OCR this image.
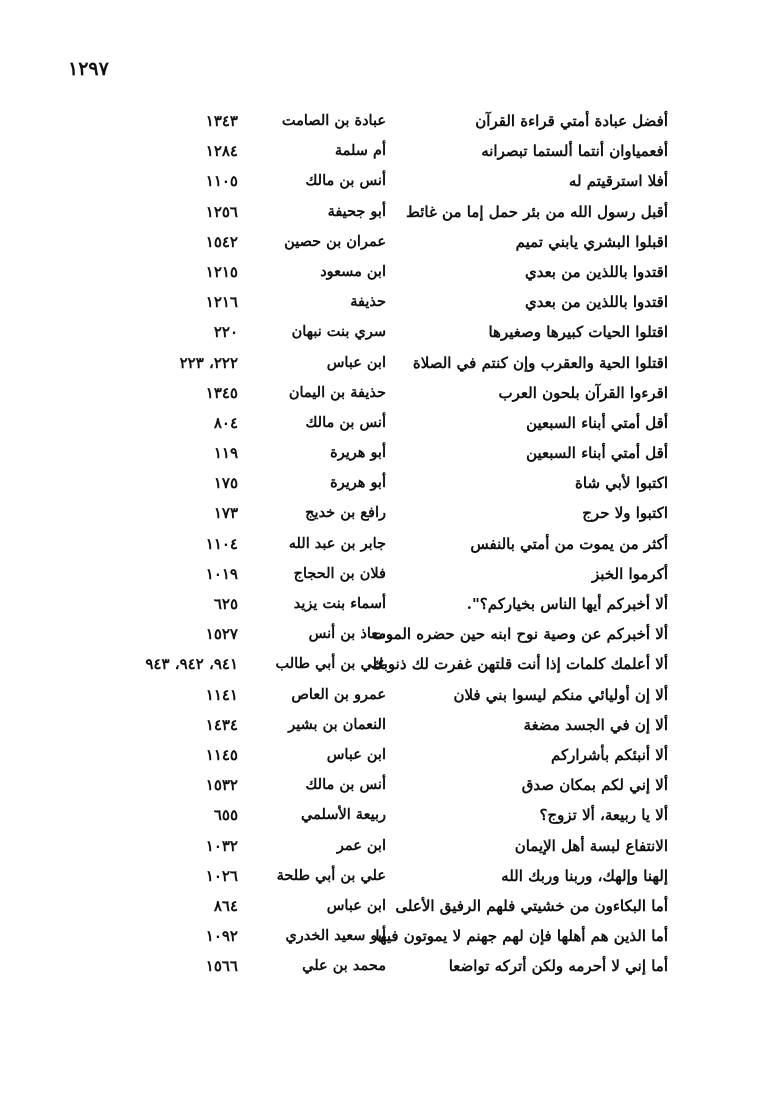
١٢٩٧
أفضل عبادة أمتي قراءة القرآن
عبادة بن الصامت
١٣٤٣
أفعمياوان أنتما ألستما تبصرانه
أم سلمة
١٢٨٤
أفلا استرقيتم له
أنس بن مالك
١١٠٥
أقبل رسول الله من بئر حمل إما من غائط
أبو جحيفة
١٢٥٦
اقبلوا البشري يابني تميم
عمران بن حصين
١٥٤٢
اقتدوا باللذين من بعدي
ابن مسعود
١٢١٥
اقتدوا باللذين من بعدي
حذيفة
١٢١٦
اقتلوا الحيات كبيرها وصغيرها
سري بنت نبهان
٢٢٠
اقتلوا الحية والعقرب وإن كنتم في الصلاة
ابن عباس
٢٢٢، ٢٢٣
اقرءوا القرآن بلحون العرب
حذيفة بن اليمان
١٣٤٥
أقل أمتي أبناء السبعين
أنس بن مالك
٨٠٤
أقل أمتي أبناء السبعين
أبو هريرة
١١٩
اكتبوا لأبي شاة
أبو هريرة
١٧٥
اكتبوا ولا حرج
رافع بن خديج
١٧٣
أكثر من يموت من أمتي بالنفس
جابر بن عبد الله
١١٠٤
أكرموا الخبز
فلان بن الحجاج
١٠١٩
ألا أخبركم أيها الناس بخياركم؟".
أسماء بنت يزيد
٦٢٥
ألا أخبركم عن وصية نوح ابنه حين حضره الموت
معاذ بن أنس
١٥٢٧
ألا أعلمك كلمات إذا أنت قلتهن غفرت لك ذنوبك
علي بن أبي طالب
٩٤١، ٩٤٢، ٩٤٣
ألا إن أوليائي منكم ليسوا بني فلان
عمرو بن العاص
١١٤١
ألا إن في الجسد مضغة
النعمان بن بشير
١٤٣٤
ألا أنبئكم بأشراركم
ابن عباس
١١٤٥
ألا إني لكم بمكان صدق
أنس بن مالك
١٥٣٢
ألا يا ربيعة، ألا تزوج؟
ربيعة الأسلمي
٦٥٥
الانتفاع لبسة أهل الإيمان
ابن عمر
١٠٣٢
إلهنا وإلهك، وربنا وربك الله
علي بن أبي طلحة
١٠٢٦
أما البكاءون من خشيتي فلهم الرفيق الأعلى
ابن عباس
٨٦٤
أما الذين هم أهلها فإن لهم جهنم لا يموتون فيها
أبو سعيد الخدري
١٠٩٢
أما إني لا أحرمه ولكن أتركه تواضعا
محمد بن علي
١٥٦٦
